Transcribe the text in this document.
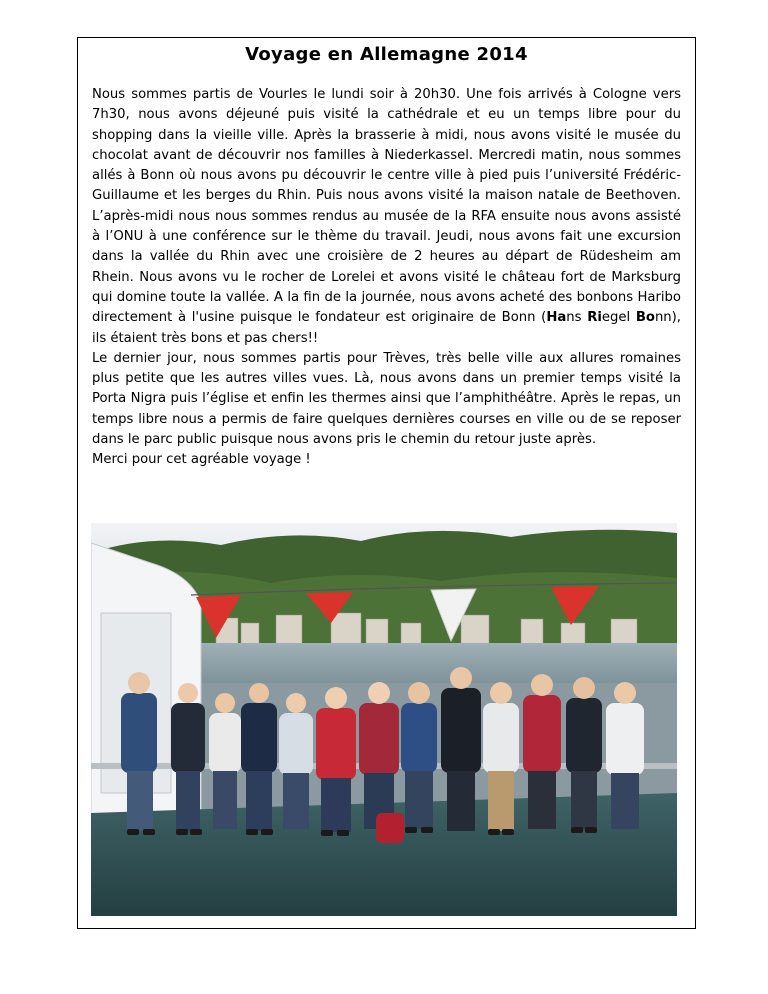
Voyage en Allemagne 2014

Nous sommes partis de Vourles le lundi soir à 20h30. Une fois arrivés à Cologne vers 7h30, nous avons déjeuné puis visité la cathédrale et eu un temps libre pour du shopping dans la vieille ville. Après la brasserie à midi, nous avons visité le musée du chocolat avant de découvrir nos familles à Niederkassel. Mercredi matin, nous sommes allés à Bonn où nous avons pu découvrir le centre ville à pied puis l’université Frédéric-Guillaume et les berges du Rhin. Puis nous avons visité la maison natale de Beethoven. L’après-midi nous nous sommes rendus au musée de la RFA ensuite nous avons assisté à l’ONU à une conférence sur le thème du travail. Jeudi, nous avons fait une excursion dans la vallée du Rhin avec une croisière de 2 heures au départ de Rüdesheim am Rhein. Nous avons vu le rocher de Lorelei et avons visité le château fort de Marksburg qui domine toute la vallée. A la fin de la journée, nous avons acheté des bonbons Haribo directement à l'usine puisque le fondateur est originaire de Bonn (Hans Riegel Bonn), ils étaient très bons et pas chers!!

Le dernier jour, nous sommes partis pour Trèves, très belle ville aux allures romaines plus petite que les autres villes vues. Là, nous avons dans un premier temps visité la Porta Nigra puis l’église et enfin les thermes ainsi que l’amphithéâtre. Après le repas, un temps libre nous a permis de faire quelques dernières courses en ville ou de se reposer dans le parc public puisque nous avons pris le chemin du retour juste après.

Merci pour cet agréable voyage !
